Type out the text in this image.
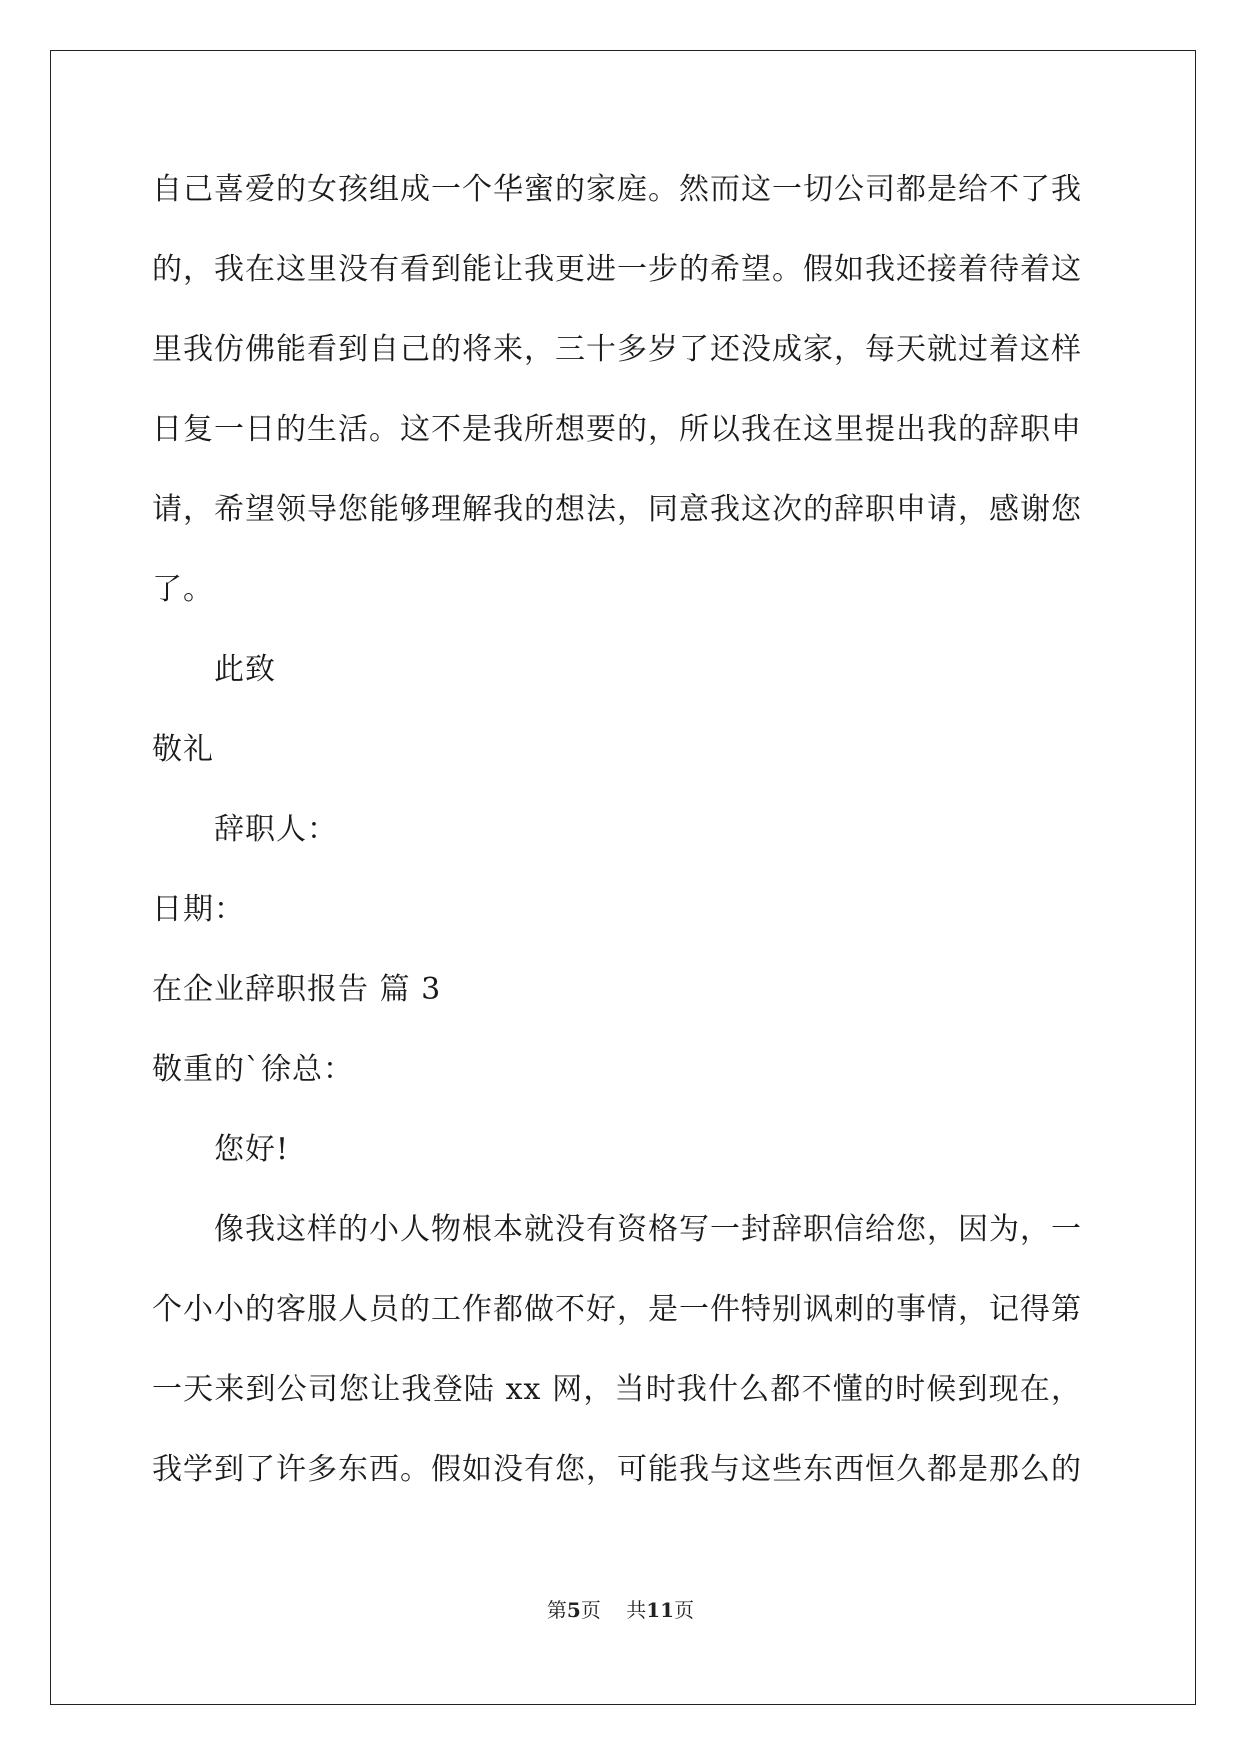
自己喜爱的女孩组成一个华蜜的家庭。然而这一切公司都是给不了我
的，我在这里没有看到能让我更进一步的希望。假如我还接着待着这
里我仿佛能看到自己的将来，三十多岁了还没成家，每天就过着这样
日复一日的生活。这不是我所想要的，所以我在这里提出我的辞职申
请，希望领导您能够理解我的想法，同意我这次的辞职申请，感谢您
了。
此致
敬礼
辞职人：
日期：
在企业辞职报告 篇 3
敬重的`徐总：
您好!
像我这样的小人物根本就没有资格写一封辞职信给您，因为，一
个小小的客服人员的工作都做不好，是一件特别讽刺的事情，记得第
一天来到公司您让我登陆 xx 网，当时我什么都不懂的时候到现在，
我学到了许多东西。假如没有您，可能我与这些东西恒久都是那么的
第5页 共11页
